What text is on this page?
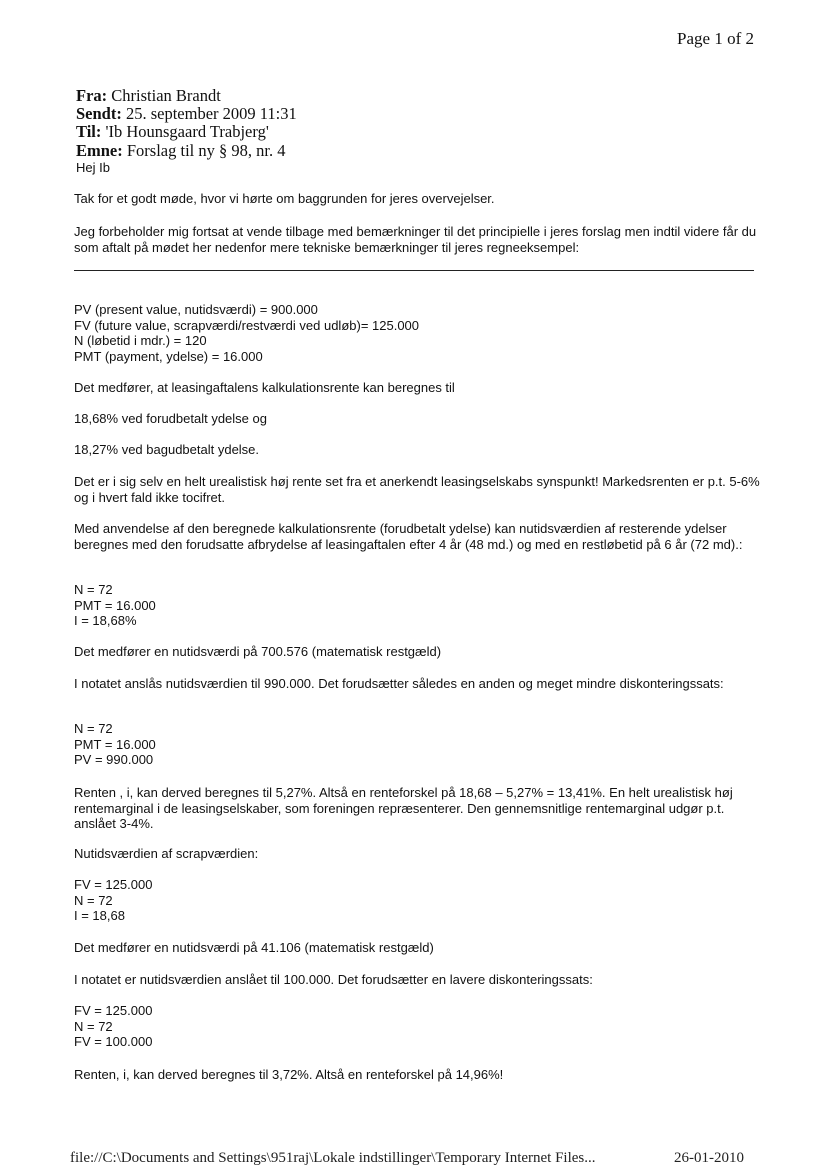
Page 1 of 2
Fra: Christian Brandt
Sendt: 25. september 2009 11:31
Til: 'Ib Hounsgaard Trabjerg'
Emne: Forslag til ny § 98, nr. 4
Hej Ib
Tak for et godt møde, hvor vi hørte om baggrunden for jeres overvejelser.
Jeg forbeholder mig fortsat at vende tilbage med bemærkninger til det principielle i jeres forslag men indtil videre får du som aftalt på mødet her nedenfor mere tekniske bemærkninger til jeres regneeksempel:
PV (present value, nutidsværdi) = 900.000
FV (future value, scrapværdi/restværdi ved udløb)= 125.000
N (løbetid i mdr.) = 120
PMT (payment, ydelse) = 16.000
Det medfører, at leasingaftalens kalkulationsrente kan beregnes til
18,68% ved forudbetalt ydelse og
18,27% ved bagudbetalt ydelse.
Det er i sig selv en helt urealistisk høj rente set fra et anerkendt leasingselskabs synspunkt! Markedsrenten er p.t. 5-6% og i hvert fald ikke tocifret.
Med anvendelse af den beregnede kalkulationsrente (forudbetalt ydelse) kan nutidsværdien af resterende ydelser beregnes med den forudsatte afbrydelse af leasingaftalen efter 4 år (48 md.) og med en restløbetid på 6 år (72 md).:
N = 72
PMT = 16.000
I = 18,68%
Det medfører en nutidsværdi på 700.576 (matematisk restgæld)
I notatet anslås nutidsværdien til 990.000. Det forudsætter således en anden og meget mindre diskonteringssats:
N = 72
PMT = 16.000
PV = 990.000
Renten , i, kan derved beregnes til 5,27%. Altså en renteforskel på 18,68 – 5,27% = 13,41%. En helt urealistisk høj rentemarginal i de leasingselskaber, som foreningen repræsenterer. Den gennemsnitlige rentemarginal udgør p.t. anslået 3-4%.
Nutidsværdien af scrapværdien:
FV = 125.000
N = 72
I = 18,68
Det medfører en nutidsværdi på 41.106 (matematisk restgæld)
I notatet er nutidsværdien anslået til 100.000. Det forudsætter en lavere diskonteringssats:
FV = 125.000
N = 72
FV = 100.000
Renten, i, kan derved beregnes til 3,72%. Altså en renteforskel på 14,96%!
file://C:\Documents and Settings\951raj\Lokale indstillinger\Temporary Internet Files...	26-01-2010
